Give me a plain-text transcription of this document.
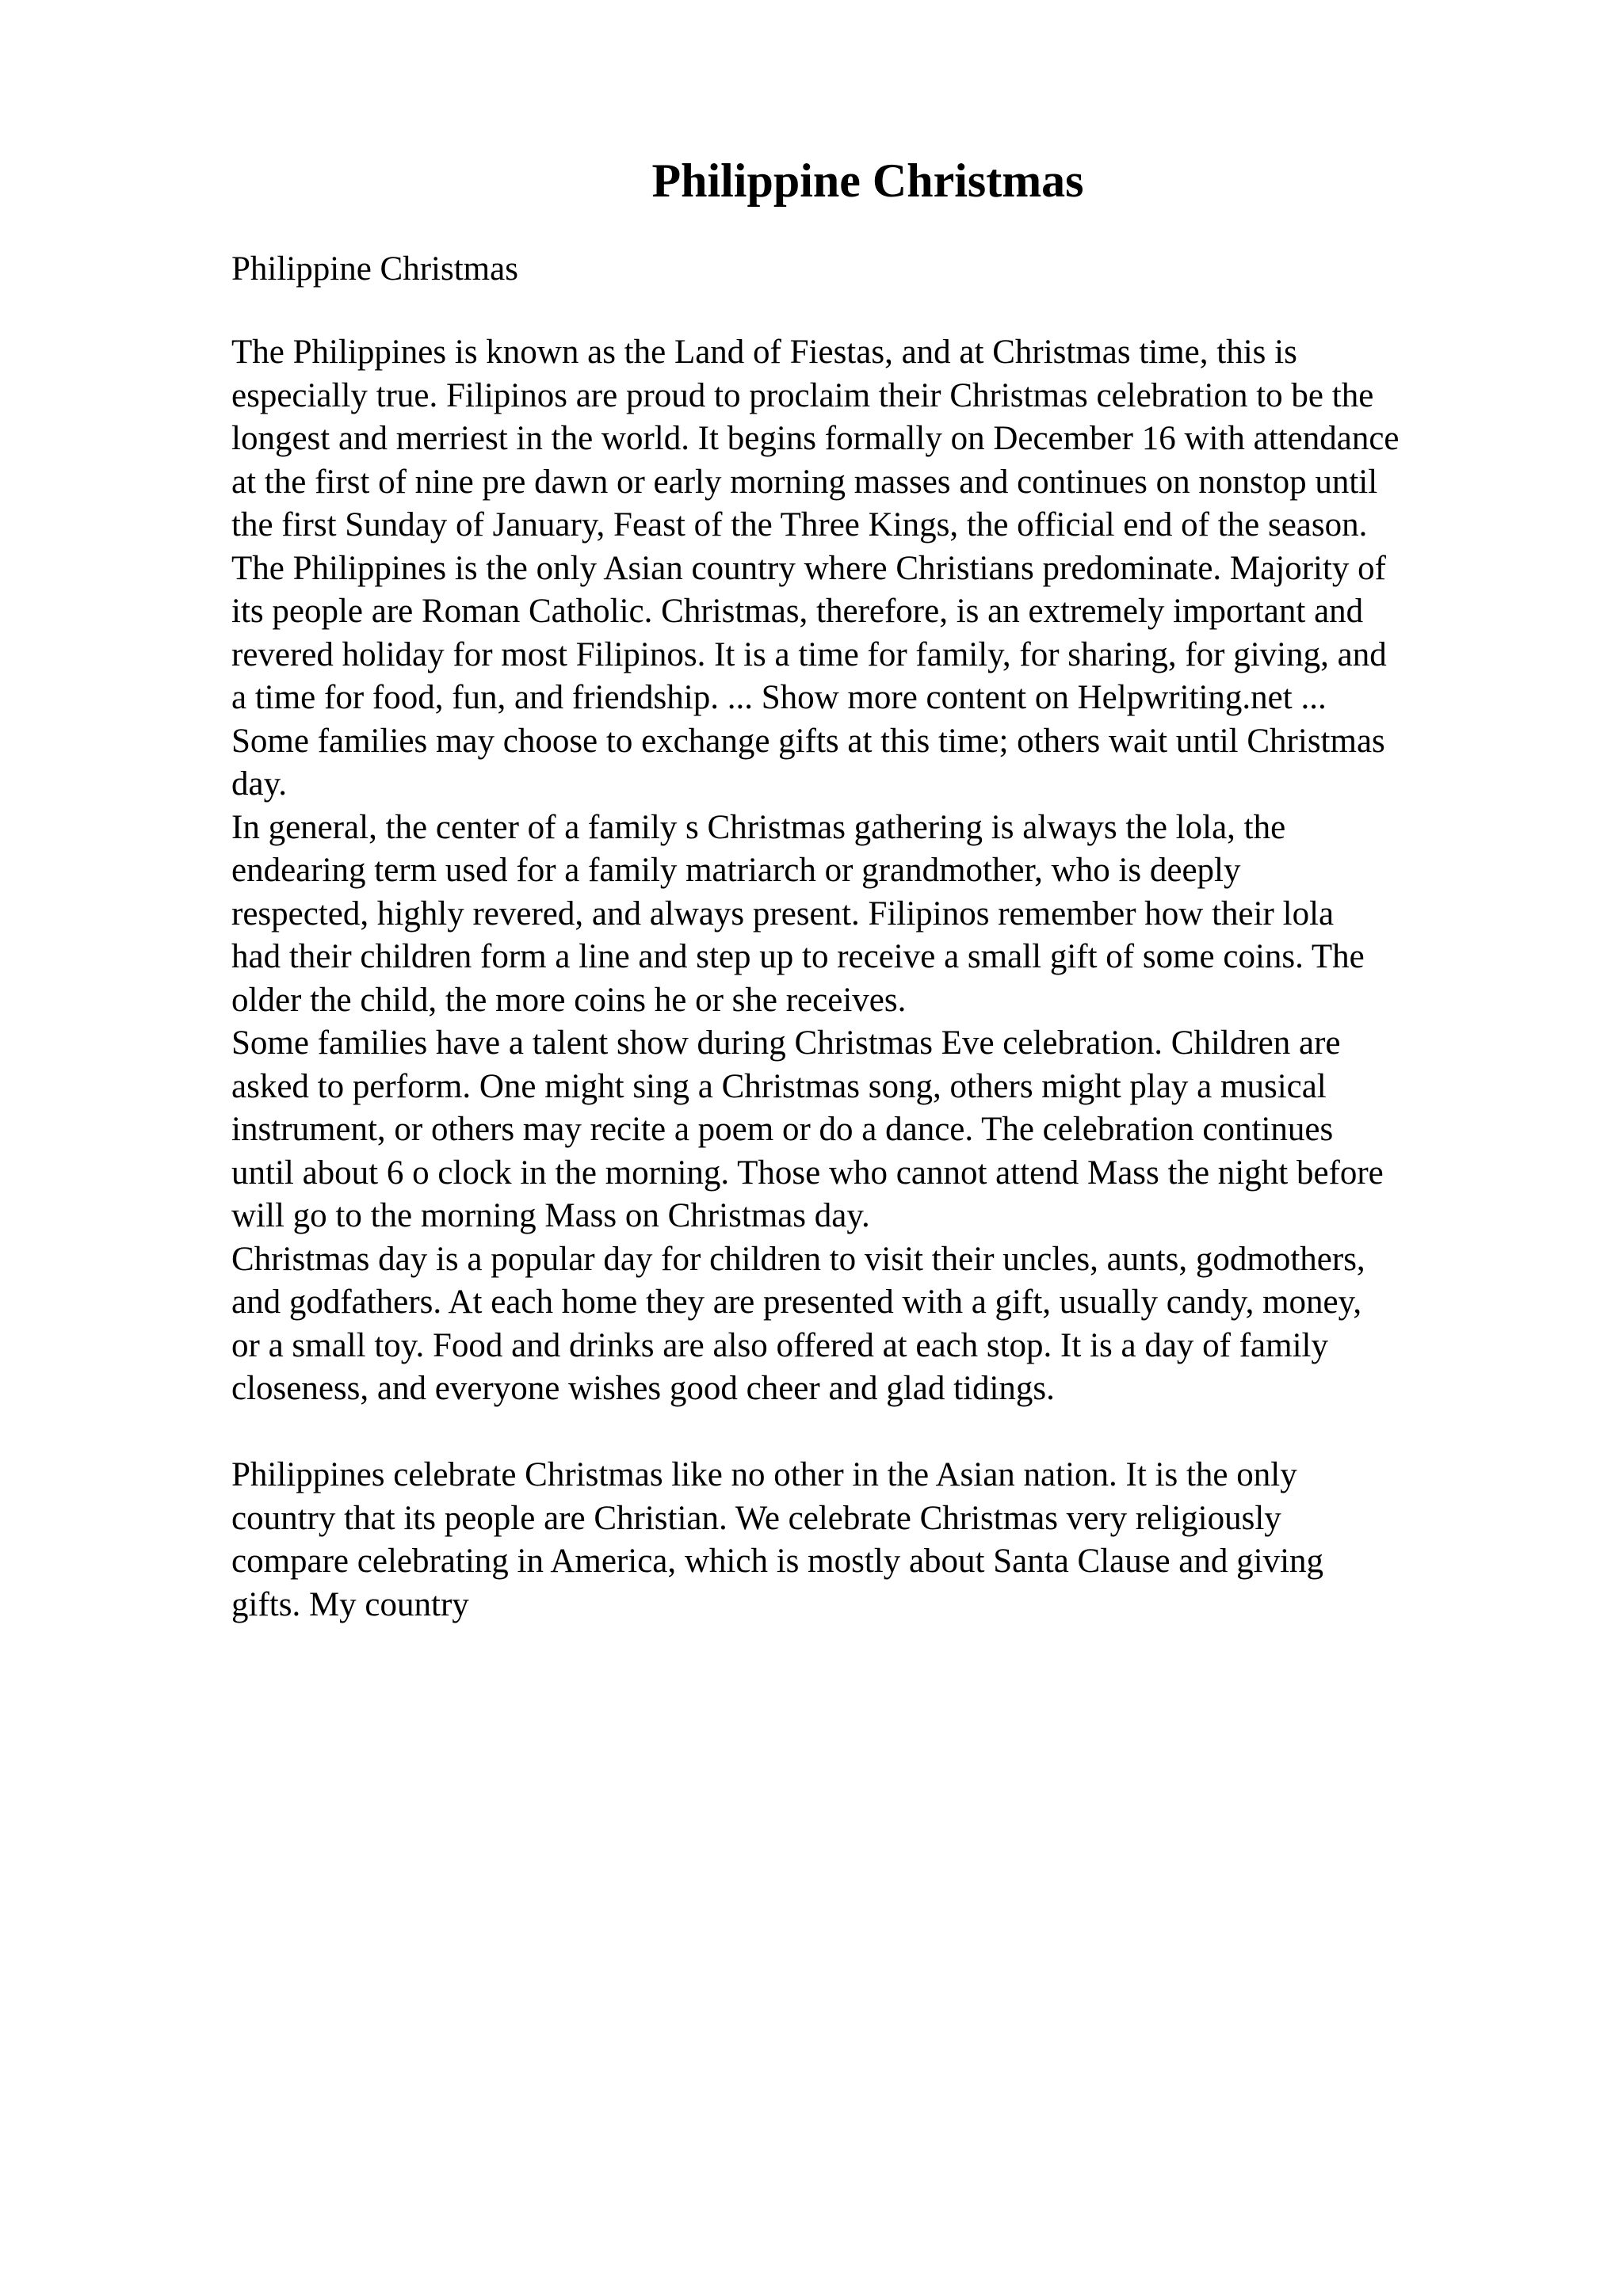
Philippine Christmas

Philippine Christmas

The Philippines is known as the Land of Fiestas, and at Christmas time, this is
especially true. Filipinos are proud to proclaim their Christmas celebration to be the
longest and merriest in the world. It begins formally on December 16 with attendance
at the first of nine pre dawn or early morning masses and continues on nonstop until
the first Sunday of January, Feast of the Three Kings, the official end of the season.
The Philippines is the only Asian country where Christians predominate. Majority of
its people are Roman Catholic. Christmas, therefore, is an extremely important and
revered holiday for most Filipinos. It is a time for family, for sharing, for giving, and
a time for food, fun, and friendship. ... Show more content on Helpwriting.net ...
Some families may choose to exchange gifts at this time; others wait until Christmas
day.
In general, the center of a family s Christmas gathering is always the lola, the
endearing term used for a family matriarch or grandmother, who is deeply
respected, highly revered, and always present. Filipinos remember how their lola
had their children form a line and step up to receive a small gift of some coins. The
older the child, the more coins he or she receives.
Some families have a talent show during Christmas Eve celebration. Children are
asked to perform. One might sing a Christmas song, others might play a musical
instrument, or others may recite a poem or do a dance. The celebration continues
until about 6 o clock in the morning. Those who cannot attend Mass the night before
will go to the morning Mass on Christmas day.
Christmas day is a popular day for children to visit their uncles, aunts, godmothers,
and godfathers. At each home they are presented with a gift, usually candy, money,
or a small toy. Food and drinks are also offered at each stop. It is a day of family
closeness, and everyone wishes good cheer and glad tidings.
Philippines celebrate Christmas like no other in the Asian nation. It is the only
country that its people are Christian. We celebrate Christmas very religiously
compare celebrating in America, which is mostly about Santa Clause and giving
gifts. My country
